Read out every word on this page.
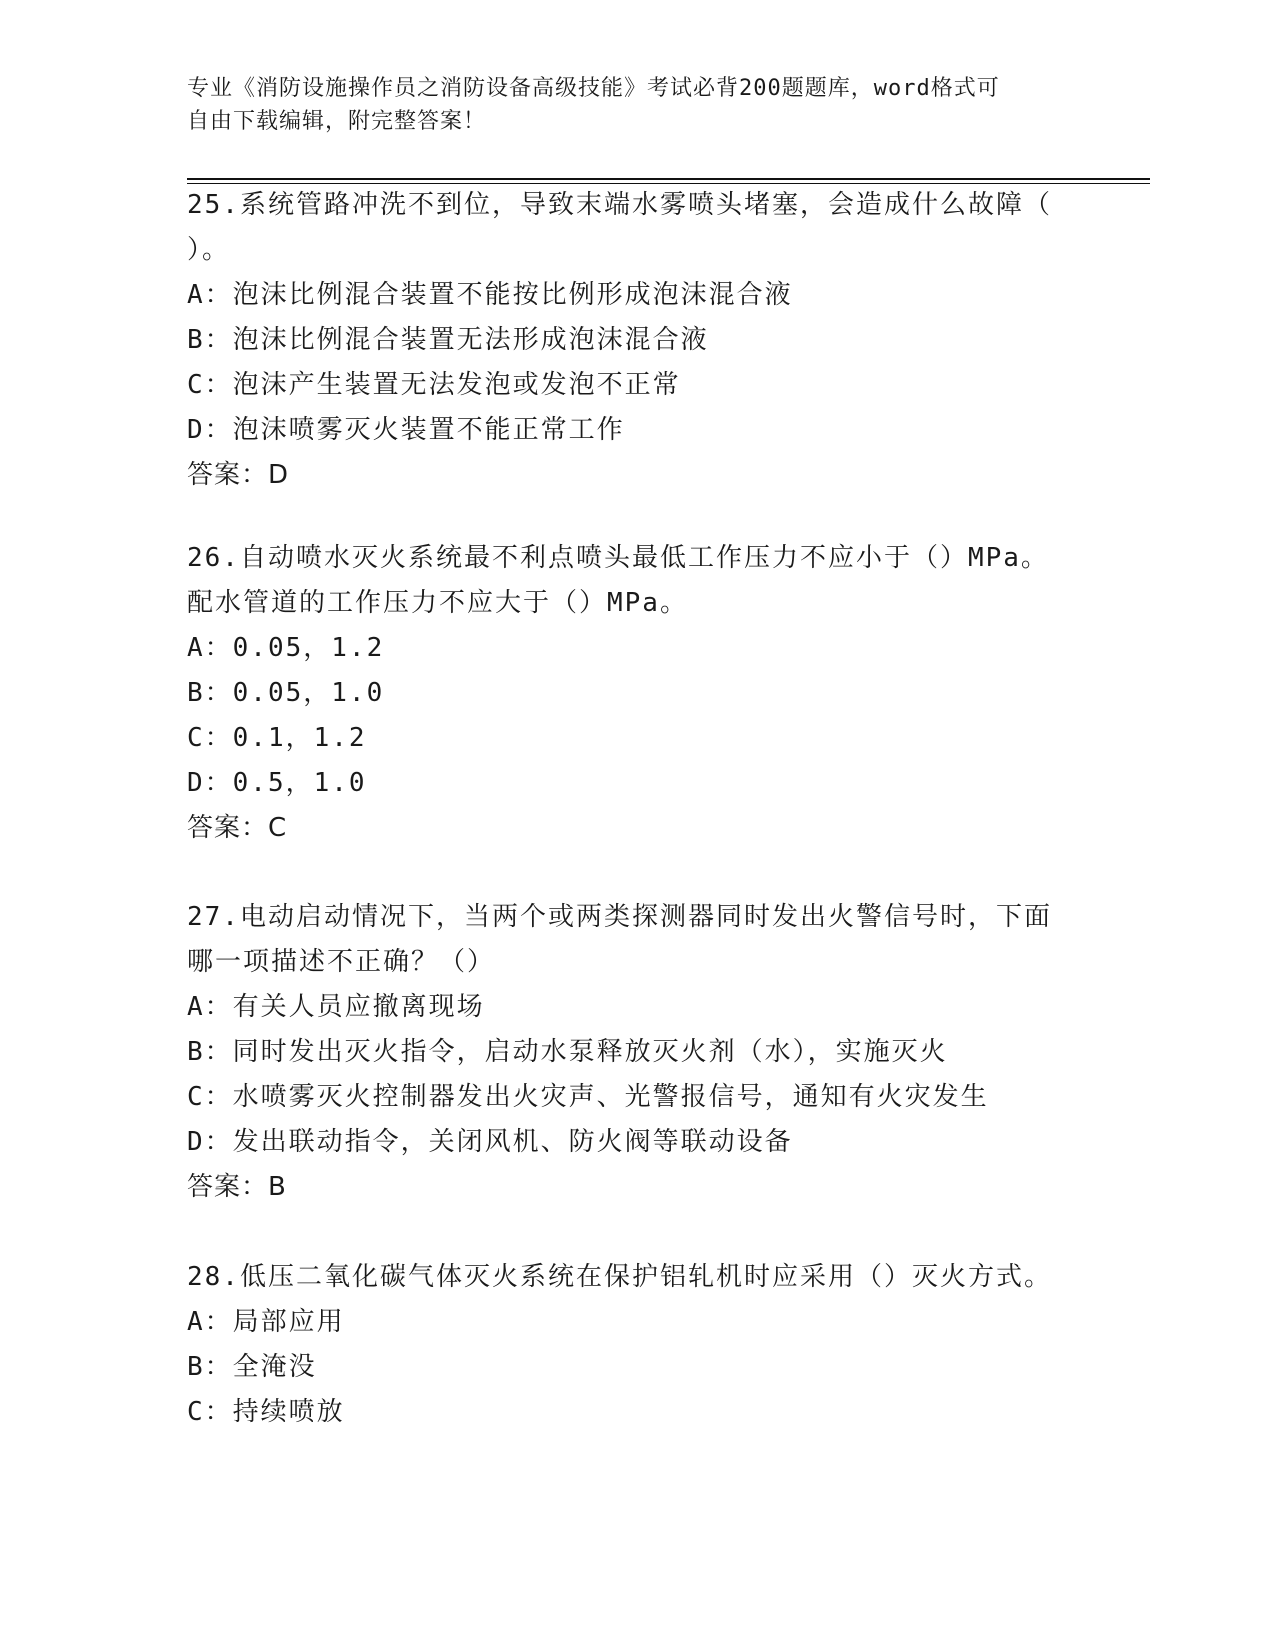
专业《消防设施操作员之消防设备高级技能》考试必背200题题库，word格式可
自由下载编辑，附完整答案！
25.系统管路冲洗不到位，导致末端水雾喷头堵塞，会造成什么故障（
）。
A：泡沫比例混合装置不能按比例形成泡沫混合液
B：泡沫比例混合装置无法形成泡沫混合液
C：泡沫产生装置无法发泡或发泡不正常
D：泡沫喷雾灭火装置不能正常工作
答案：D
26.自动喷水灭火系统最不利点喷头最低工作压力不应小于（）MPa。
配水管道的工作压力不应大于（）MPa。
A：0.05，1.2
B：0.05，1.0
C：0.1，1.2
D：0.5，1.0
答案：C
27.电动启动情况下，当两个或两类探测器同时发出火警信号时，下面
哪一项描述不正确？（）
A：有关人员应撤离现场
B：同时发出灭火指令，启动水泵释放灭火剂（水），实施灭火
C：水喷雾灭火控制器发出火灾声、光警报信号，通知有火灾发生
D：发出联动指令，关闭风机、防火阀等联动设备
答案：B
28.低压二氧化碳气体灭火系统在保护铝轧机时应采用（）灭火方式。
A：局部应用
B：全淹没
C：持续喷放
